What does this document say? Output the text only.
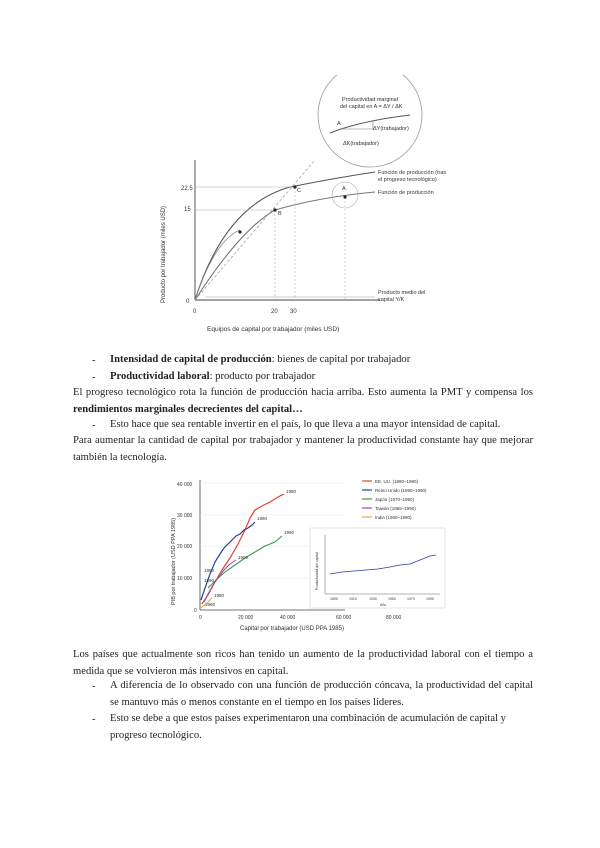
Productividad marginal
del capital en A = ΔY / ΔK
A
ΔY(trabajador)
ΔK(trabajador)
Producto por trabajador (miles USD)
Equipos de capital por trabajador (miles USD)
22.5
15
0
0	20 30
A
B
C
Función de producción (tras
el progreso tecnológico)
Función de producción
Producto medio del
capital Y/K
- Intensidad de capital de producción: bienes de capital por trabajador
- Productividad laboral: producto por trabajador
El progreso tecnológico rota la función de producción hacia arriba. Esto aumenta la PMT y compensa los rendimientos marginales decrecientes del capital…
- Esto hace que sea rentable invertir en el país, lo que lleva a una mayor intensidad de capital.
Para aumentar la cantidad de capital por trabajador y mantener la productividad constante hay que mejorar también la tecnología.
40 000
30 000
20 000
10 000
0
0	20 000	40 000	60 000	80 000
PIB por trabajador (USD PPA 1985)
Capital por trabajador (USD PPA 1985)
1990
1990
1990
1990
1890
1890
1990
1960
EE. UU. (1890–1990)
Reino Unido (1890–1990)
Japón (1970–1990)
Taiwán (1965–1990)
India (1960–1990)
Productividad del capital
1890	1910	1930	1950	1970	1990
Año
Los países que actualmente son ricos han tenido un aumento de la productividad laboral con el tiempo a medida que se volvieron más intensivos en capital.
- A diferencia de lo observado con una función de producción cóncava, la productividad del capital se mantuvo más o menos constante en el tiempo en los países líderes.
- Esto se debe a que estos países experimentaron una combinación de acumulación de capital y progreso tecnológico.
